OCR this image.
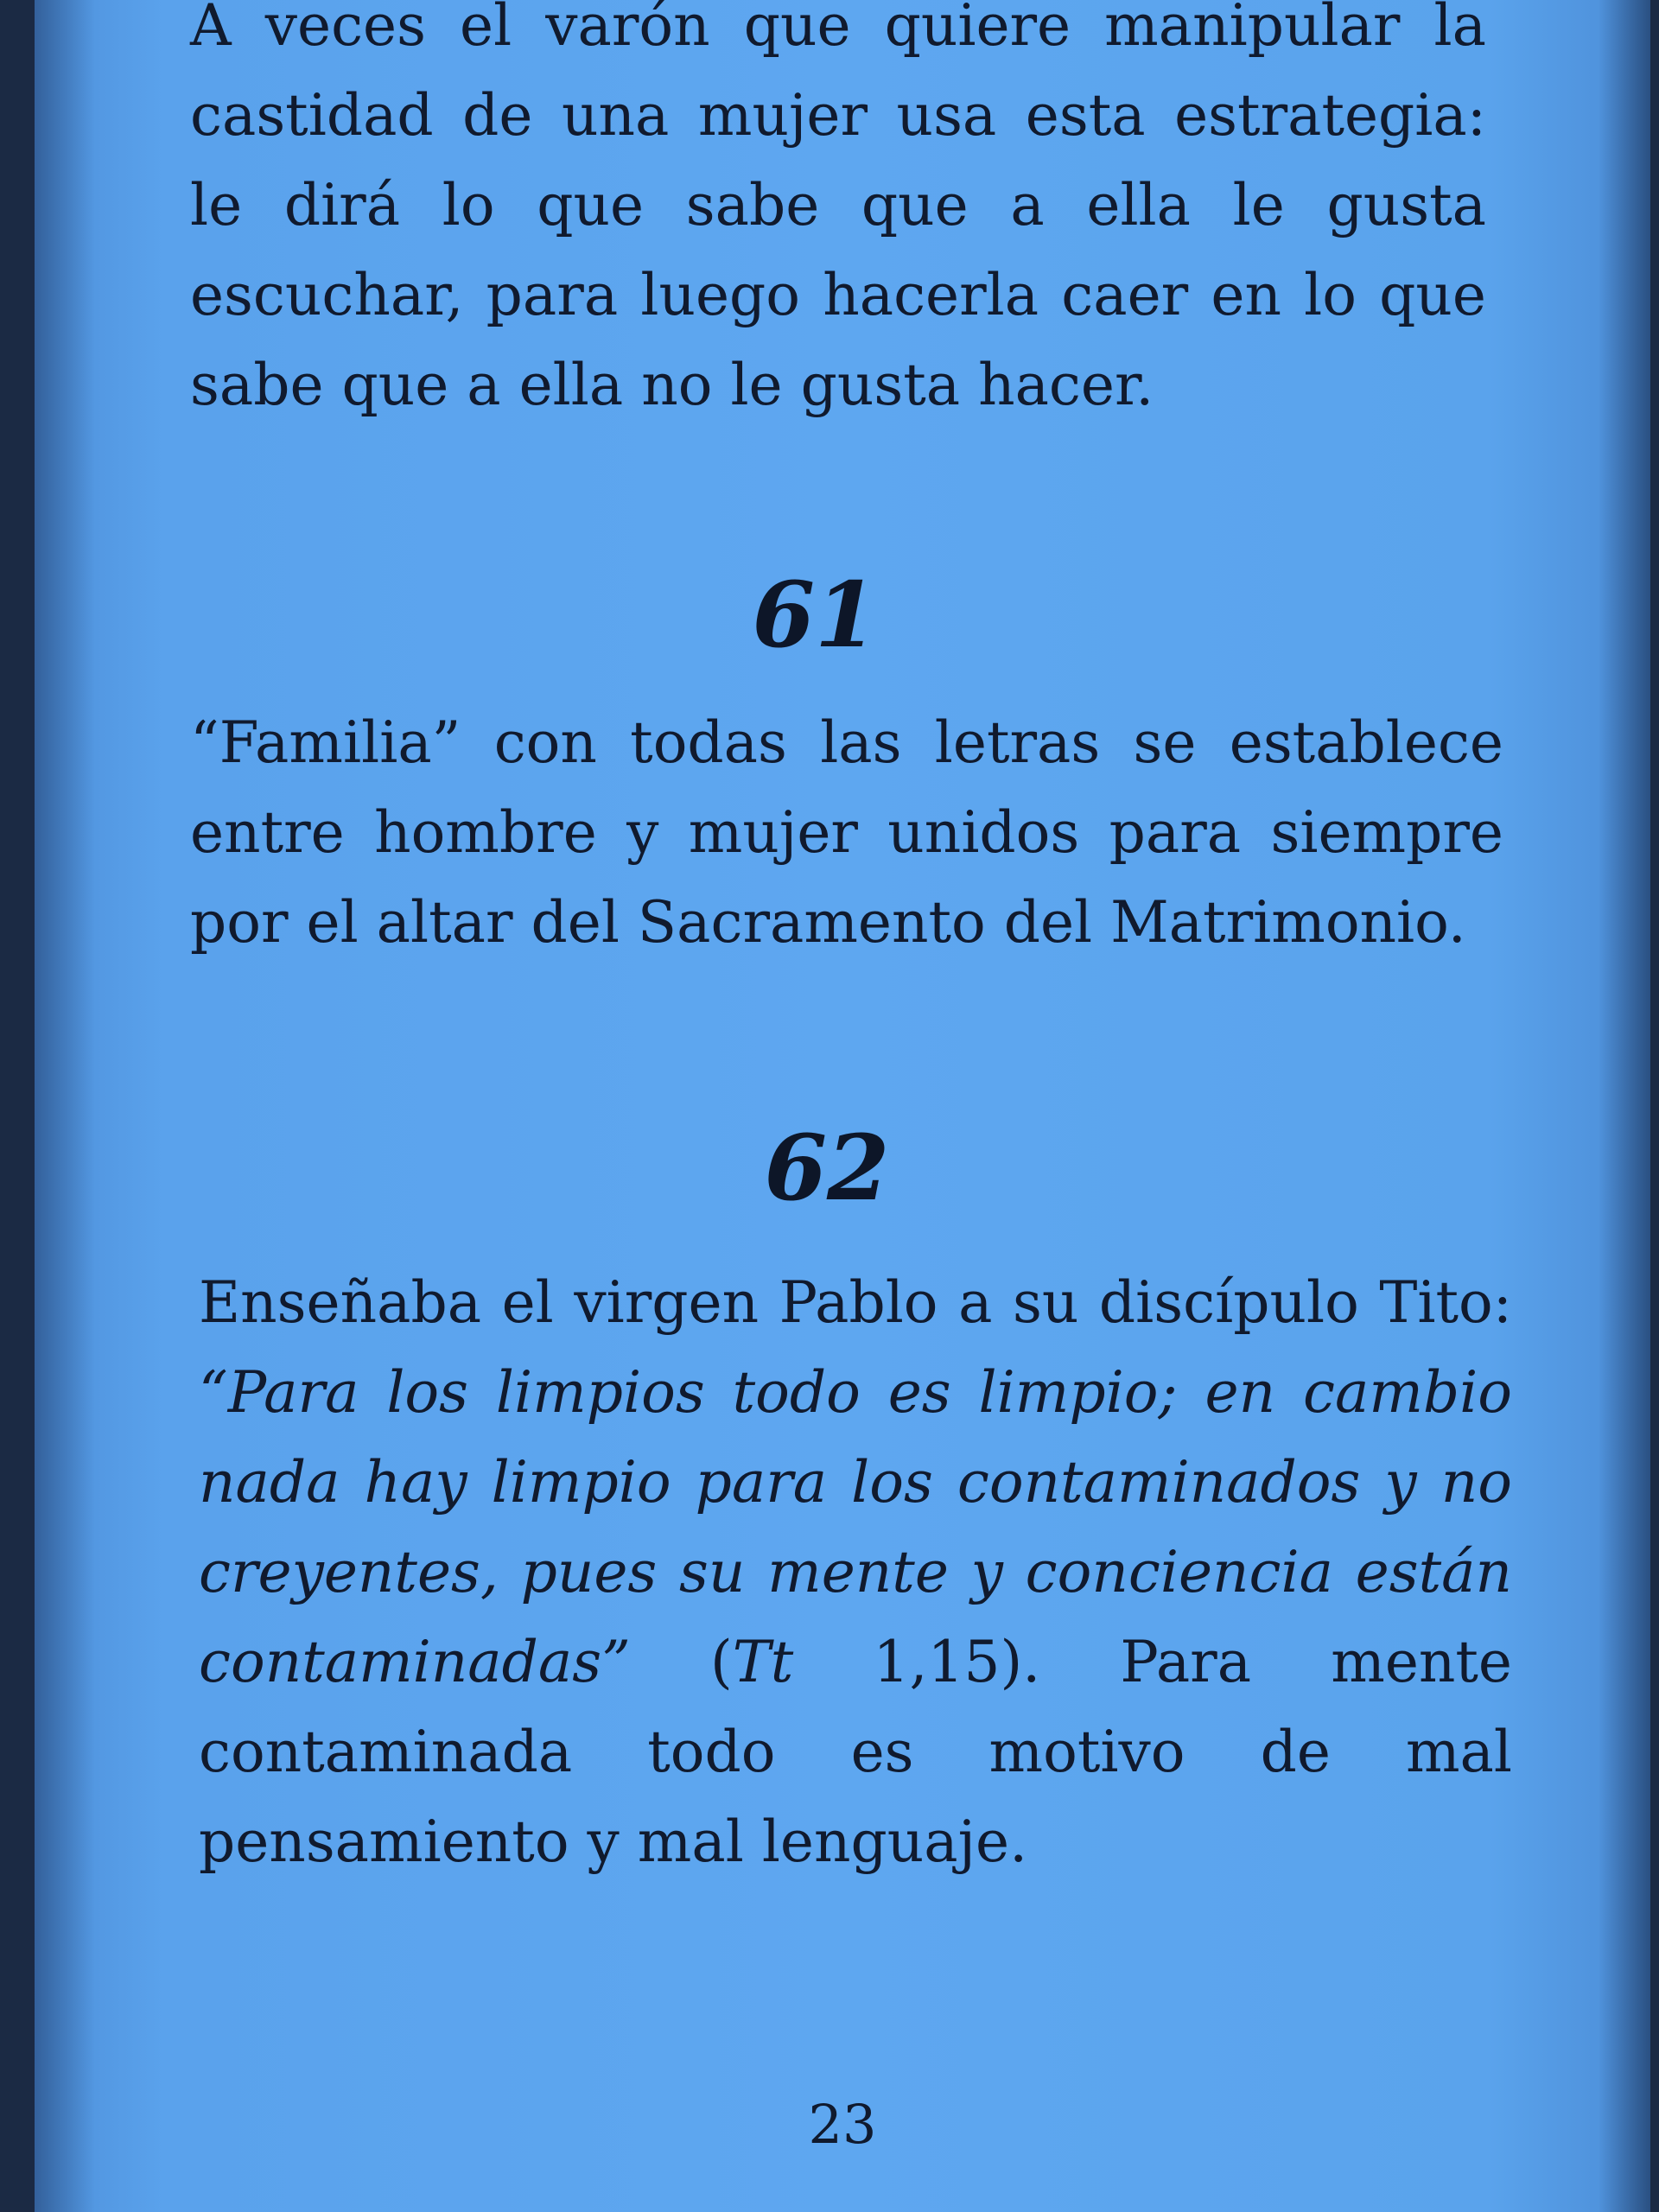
A veces el varón que quiere manipular la castidad de una mujer usa esta estrategia: le dirá lo que sabe que a ella le gusta escuchar, para luego hacerla caer en lo que sabe que a ella no le gusta hacer.

61

“Familia” con todas las letras se establece entre hombre y mujer unidos para siempre por el altar del Sacramento del Matrimonio.

62

Enseñaba el virgen Pablo a su discípulo Tito: “Para los limpios todo es limpio; en cambio nada hay limpio para los contaminados y no creyentes, pues su mente y conciencia están contaminadas” (Tt 1,15). Para mente contaminada todo es motivo de mal pensamiento y mal lenguaje.

23
